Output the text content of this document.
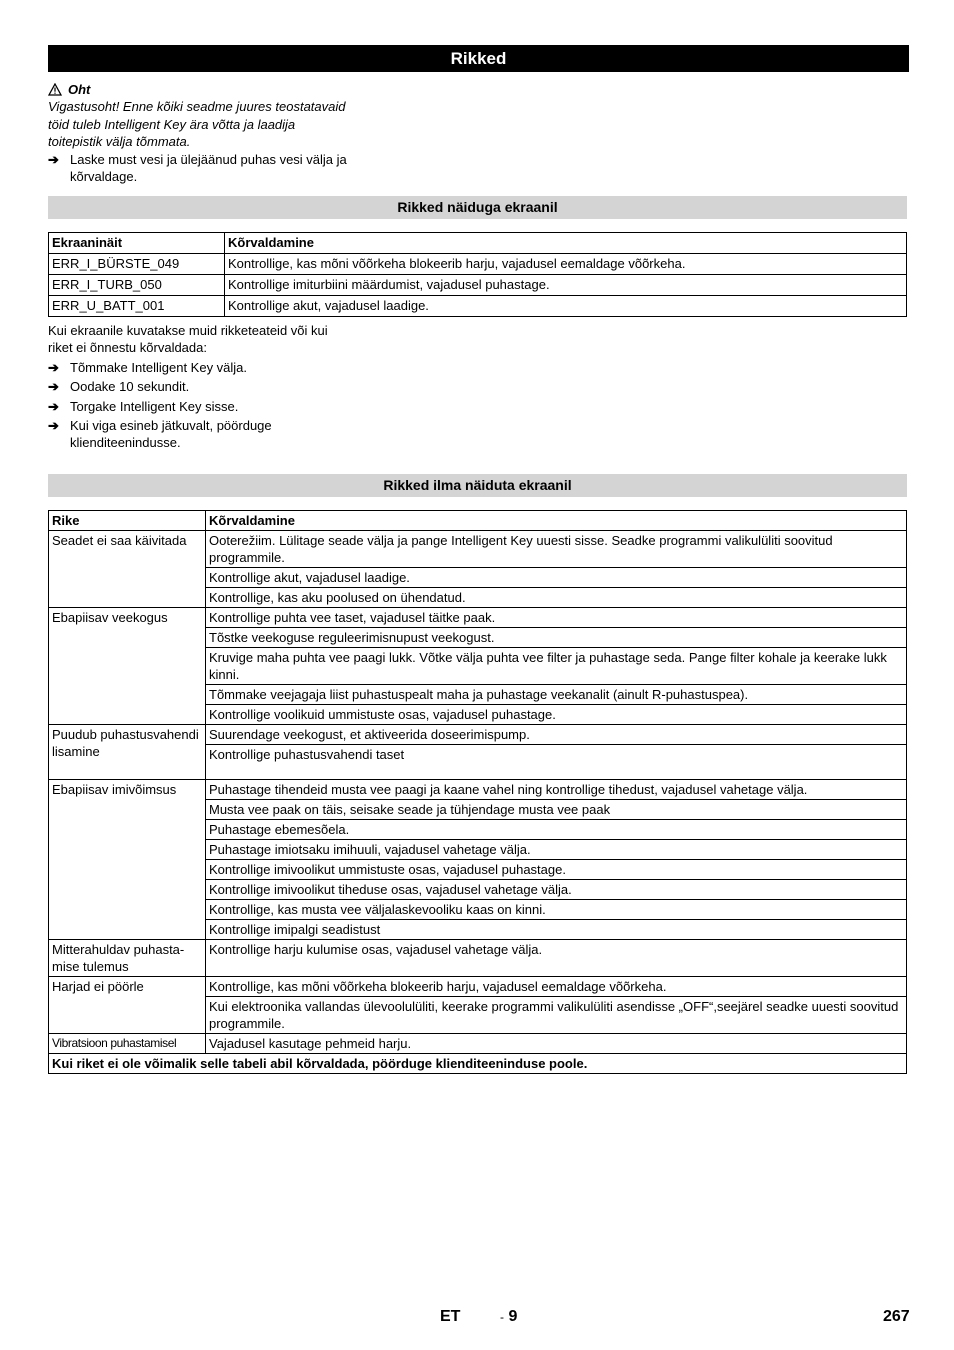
Rikked
Oht
Vigastusoht! Enne kõiki seadme juures teostatavaid töid tuleb Intelligent Key ära võtta ja laadija toitepistik välja tõmmata.
➔ Laske must vesi ja ülejäänud puhas vesi välja ja kõrvaldage.
Rikked näiduga ekraanil
Ekraaninäit	Kõrvaldamine
ERR_I_BÜRSTE_049	Kontrollige, kas mõni võõrkeha blokeerib harju, vajadusel eemaldage võõrkeha.
ERR_I_TURB_050	Kontrollige imiturbiini määrdumist, vajadusel puhastage.
ERR_U_BATT_001	Kontrollige akut, vajadusel laadige.
Kui ekraanile kuvatakse muid rikketeateid või kui riket ei õnnestu kõrvaldada:
➔ Tõmmake Intelligent Key välja.
➔ Oodake 10 sekundit.
➔ Torgake Intelligent Key sisse.
➔ Kui viga esineb jätkuvalt, pöörduge klienditeenindusse.
Rikked ilma näiduta ekraanil
Rike	Kõrvaldamine
Seadet ei saa käivitada	Ooterežiim. Lülitage seade välja ja pange Intelligent Key uuesti sisse. Seadke programmi valikulüliti soovitud programmile.
	Kontrollige akut, vajadusel laadige.
	Kontrollige, kas aku poolused on ühendatud.
Ebapiisav veekogus	Kontrollige puhta vee taset, vajadusel täitke paak.
	Tõstke veekoguse reguleerimisnupust veekogust.
	Kruvige maha puhta vee paagi lukk. Võtke välja puhta vee filter ja puhastage seda. Pange filter kohale ja keerake lukk kinni.
	Tõmmake veejagaja liist puhastuspealt maha ja puhastage veekanalit (ainult R-puhastuspea).
	Kontrollige voolikuid ummistuste osas, vajadusel puhastage.
Puudub puhastusvahendi lisamine	Suurendage veekogust, et aktiveerida doseerimispump.
	Kontrollige puhastusvahendi taset
Ebapiisav imivõimsus	Puhastage tihendeid musta vee paagi ja kaane vahel ning kontrollige tihedust, vajadusel vahetage välja.
	Musta vee paak on täis, seisake seade ja tühjendage musta vee paak
	Puhastage ebemesõela.
	Puhastage imiotsaku imihuuli, vajadusel vahetage välja.
	Kontrollige imivoolikut ummistuste osas, vajadusel puhastage.
	Kontrollige imivoolikut tiheduse osas, vajadusel vahetage välja.
	Kontrollige, kas musta vee väljalaskevooliku kaas on kinni.
	Kontrollige imipalgi seadistust
Mitterahuldav puhastamise tulemus	Kontrollige harju kulumise osas, vajadusel vahetage välja.
Harjad ei pöörle	Kontrollige, kas mõni võõrkeha blokeerib harju, vajadusel eemaldage võõrkeha.
	Kui elektroonika vallandas ülevoolulüliti, keerake programmi valikulüliti asendisse „OFF“,seejärel seadke uuesti soovitud programmile.
Vibratsioon puhastamisel	Vajadusel kasutage pehmeid harju.
Kui riket ei ole võimalik selle tabeli abil kõrvaldada, pöörduge klienditeeninduse poole.	
ET	- 9	267
